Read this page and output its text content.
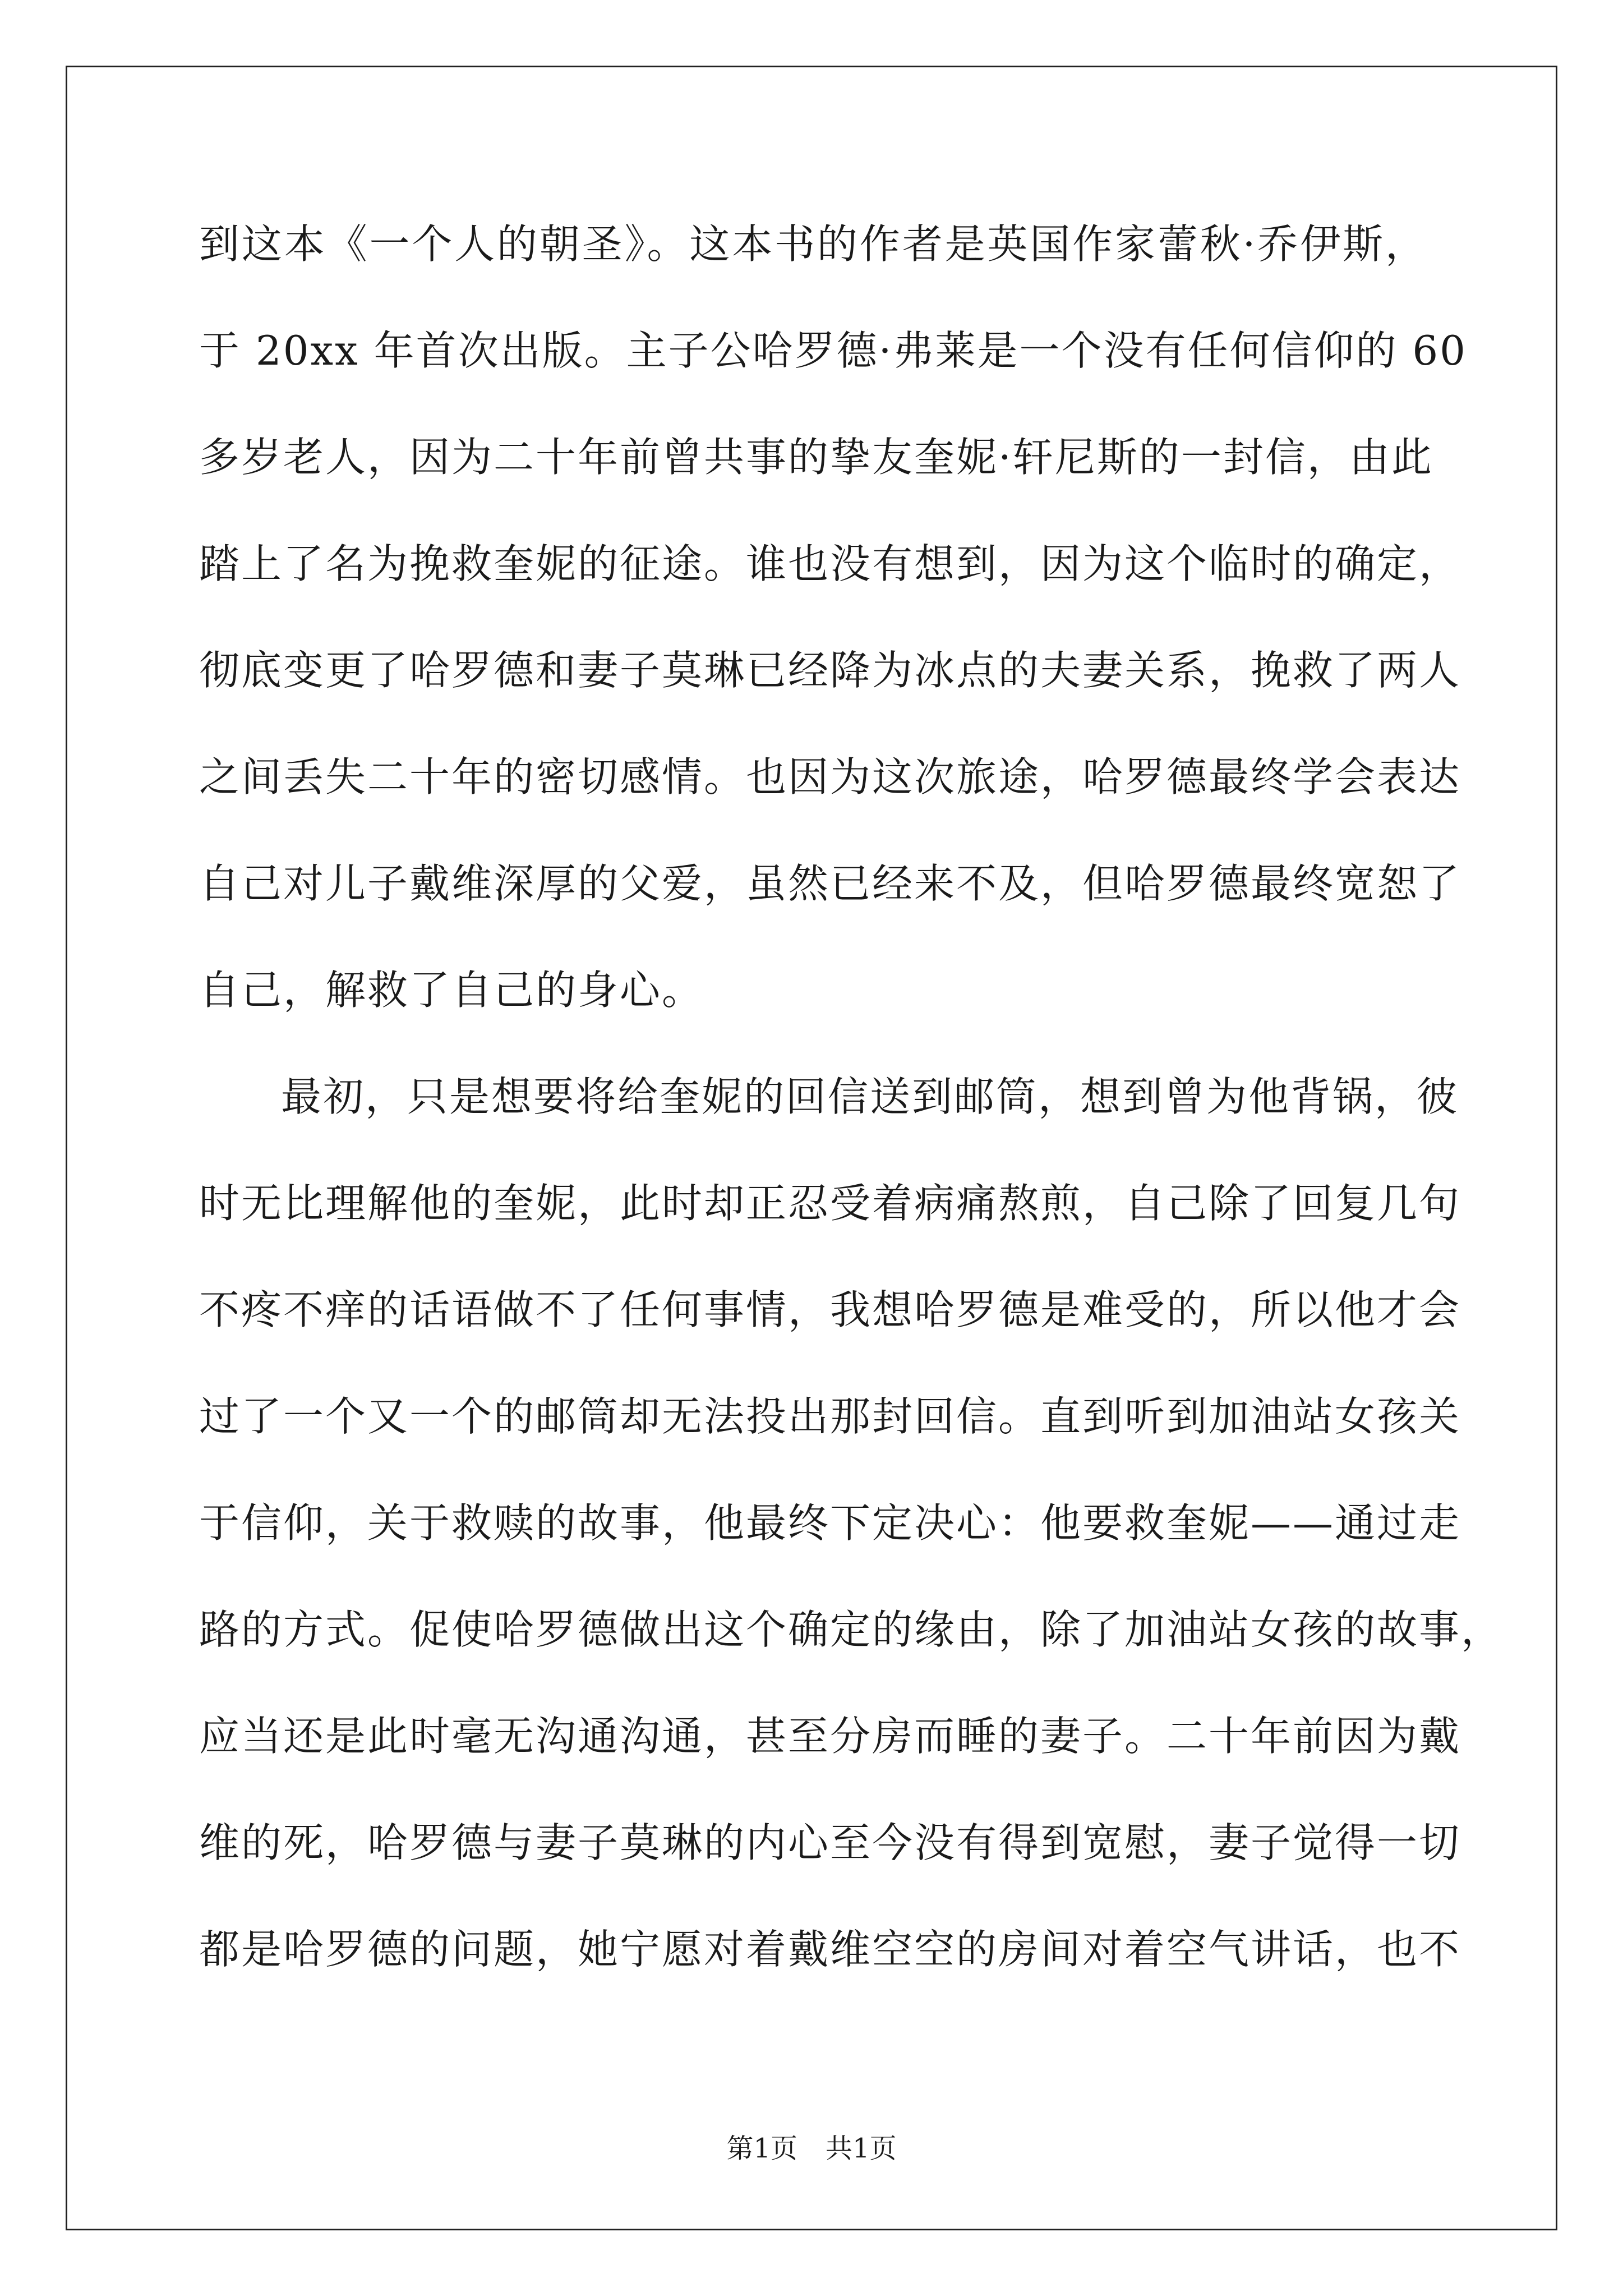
到这本《一个人的朝圣》。这本书的作者是英国作家蕾秋·乔伊斯，
于 20xx 年首次出版。主子公哈罗德·弗莱是一个没有任何信仰的 60
多岁老人，因为二十年前曾共事的挚友奎妮·轩尼斯的一封信，由此
踏上了名为挽救奎妮的征途。谁也没有想到，因为这个临时的确定，
彻底变更了哈罗德和妻子莫琳已经降为冰点的夫妻关系，挽救了两人
之间丢失二十年的密切感情。也因为这次旅途，哈罗德最终学会表达
自己对儿子戴维深厚的父爱，虽然已经来不及，但哈罗德最终宽恕了
自己，解救了自己的身心。
最初，只是想要将给奎妮的回信送到邮筒，想到曾为他背锅，彼
时无比理解他的奎妮，此时却正忍受着病痛熬煎，自己除了回复几句
不疼不痒的话语做不了任何事情，我想哈罗德是难受的，所以他才会
过了一个又一个的邮筒却无法投出那封回信。直到听到加油站女孩关
于信仰，关于救赎的故事，他最终下定决心：他要救奎妮——通过走
路的方式。促使哈罗德做出这个确定的缘由，除了加油站女孩的故事，
应当还是此时毫无沟通沟通，甚至分房而睡的妻子。二十年前因为戴
维的死，哈罗德与妻子莫琳的内心至今没有得到宽慰，妻子觉得一切
都是哈罗德的问题，她宁愿对着戴维空空的房间对着空气讲话，也不
第1页 共1页
